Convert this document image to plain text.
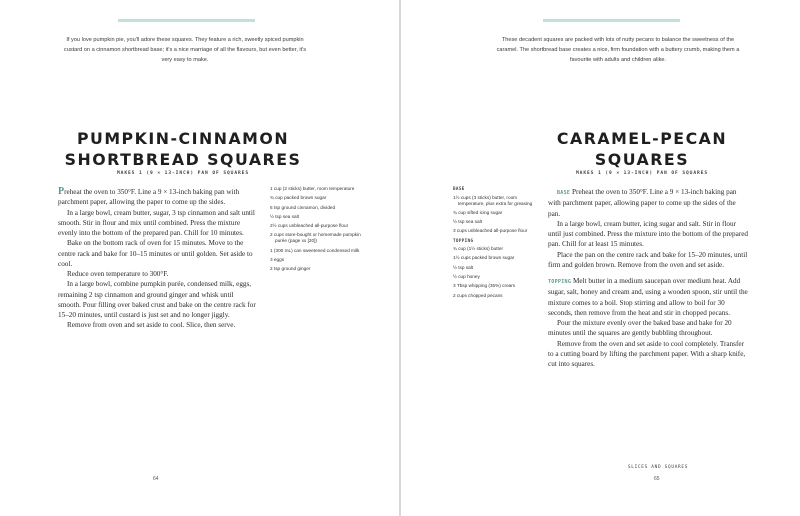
If you love pumpkin pie, you'll adore these squares. They feature a rich, sweetly spiced pumpkin custard on a cinnamon shortbread base; it's a nice marriage of all the flavours, but even better, it's very easy to make.
PUMPKIN-CINNAMON
SHORTBREAD SQUARES
MAKES 1 (9 × 13-INCH) PAN OF SQUARES

Preheat the oven to 350°F. Line a 9 × 13-inch baking pan with parchment paper, allowing the paper to come up the sides.

In a large bowl, cream butter, sugar, 3 tsp cinnamon and salt until smooth. Stir in flour and mix until combined. Press the mixture evenly into the bottom of the prepared pan. Chill for 10 minutes.

Bake on the bottom rack of oven for 15 minutes. Move to the centre rack and bake for 10–15 minutes or until golden. Set aside to cool.

Reduce oven temperature to 300°F.

In a large bowl, combine pumpkin purée, condensed milk, eggs, remaining 2 tsp cinnamon and ground ginger and whisk until smooth. Pour filling over baked crust and bake on the centre rack for 15–20 minutes, until custard is just set and no longer jiggly.

Remove from oven and set aside to cool. Slice, then serve.

1 cup (2 sticks) butter, room temperature
¾ cup packed brown sugar
5 tsp ground cinnamon, divided
½ tsp sea salt
2½ cups unbleached all-purpose flour
2 cups store-bought or homemade pumpkin purée (page xx [20])
1 (300 mL) can sweetened condensed milk
3 eggs
2 tsp ground ginger
64
These decadent squares are packed with lots of nutty pecans to balance the sweetness of the caramel. The shortbread base creates a nice, firm foundation with a buttery crumb, making them a favourite with adults and children alike.
CARAMEL-PECAN
SQUARES
MAKES 1 (9 × 13-INCH) PAN OF SQUARES
BASE
1½ cups (3 sticks) butter, room temperature, plus extra for greasing
¾ cup sifted icing sugar
½ tsp sea salt
3 cups unbleached all-purpose flour
TOPPING
¾ cup (1½ sticks) butter
1½ cups packed brown sugar
½ tsp salt
½ cup honey
3 Tbsp whipping (36%) cream
2 cups chopped pecans

BASE Preheat the oven to 350°F. Line a 9 × 13-inch baking pan with parchment paper, allowing paper to come up the sides of the pan.

In a large bowl, cream butter, icing sugar and salt. Stir in flour until just combined. Press the mixture into the bottom of the prepared pan. Chill for at least 15 minutes.

Place the pan on the centre rack and bake for 15–20 minutes, until firm and golden brown. Remove from the oven and set aside.

TOPPING Melt butter in a medium saucepan over medium heat. Add sugar, salt, honey and cream and, using a wooden spoon, stir until the mixture comes to a boil. Stop stirring and allow to boil for 30 seconds, then remove from the heat and stir in chopped pecans.

Pour the mixture evenly over the baked base and bake for 20 minutes until the squares are gently bubbling throughout.

Remove from the oven and set aside to cool completely. Transfer to a cutting board by lifting the parchment paper. With a sharp knife, cut into squares.

SLICES AND SQUARES
65
